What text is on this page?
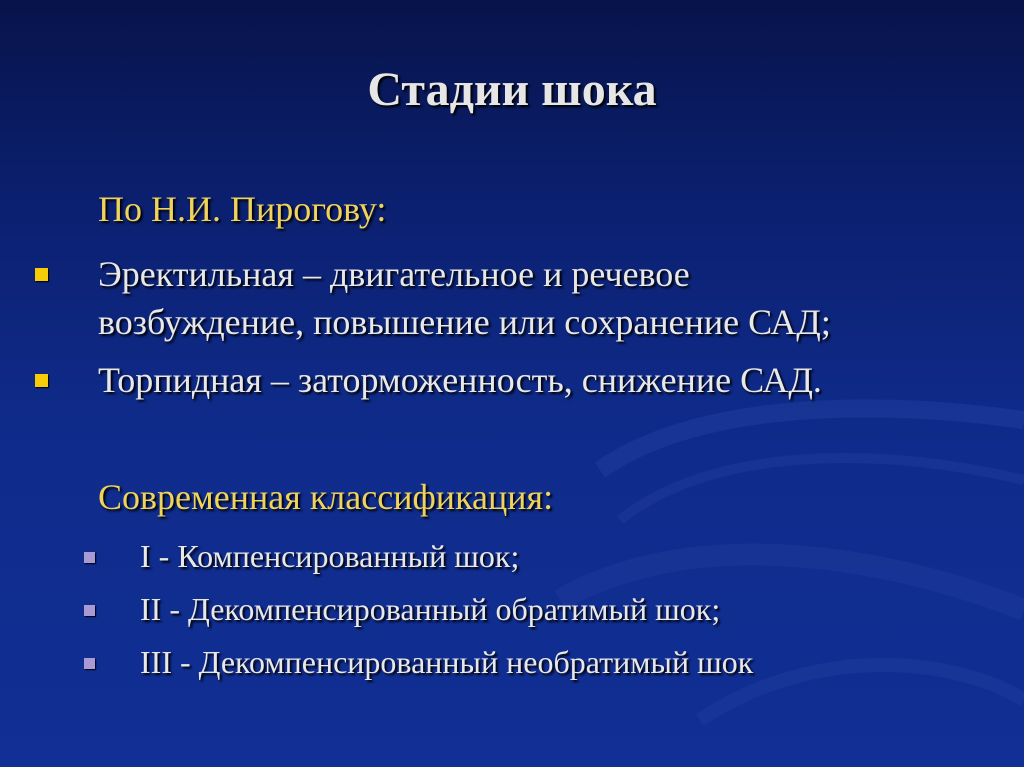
Стадии шока
По Н.И. Пирогову:
Эректильная – двигательное и речевое
возбуждение, повышение или сохранение САД;
Торпидная – заторможенность, снижение САД.
Современная классификация:
I - Компенсированный шок;
II - Декомпенсированный обратимый шок;
III - Декомпенсированный необратимый шок
